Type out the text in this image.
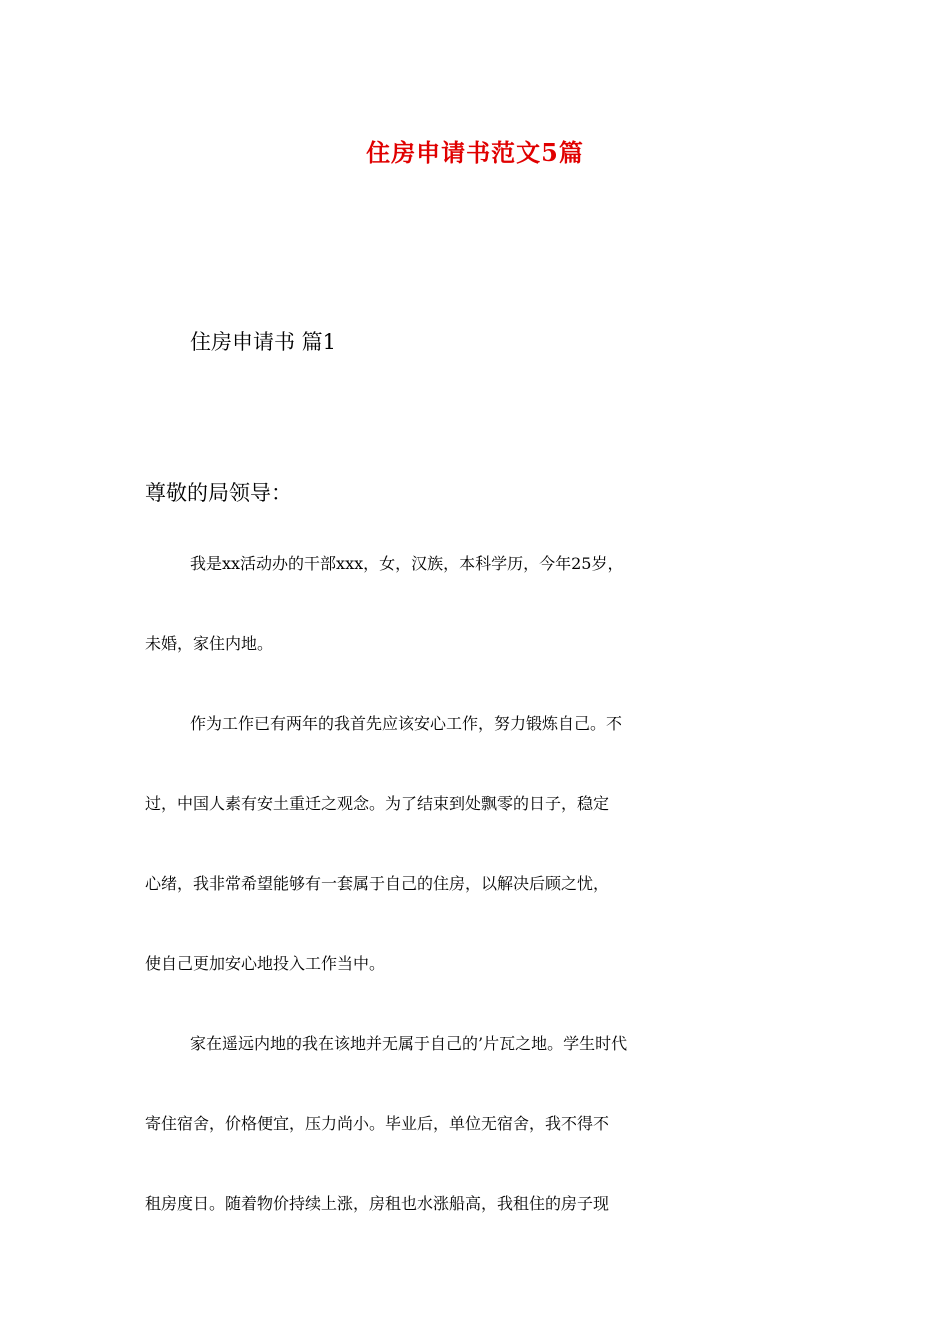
住房申请书范文5篇
住房申请书 篇1
尊敬的局领导：
我是xx活动办的干部xxx，女，汉族，本科学历，今年25岁，
未婚，家住内地。
作为工作已有两年的我首先应该安心工作，努力锻炼自己。不
过，中国人素有安土重迁之观念。为了结束到处飘零的日子，稳定
心绪，我非常希望能够有一套属于自己的住房，以解决后顾之忧，
使自己更加安心地投入工作当中。
家在遥远内地的我在该地并无属于自己的’片瓦之地。学生时代
寄住宿舍，价格便宜，压力尚小。毕业后，单位无宿舍，我不得不
租房度日。随着物价持续上涨，房租也水涨船高，我租住的房子现
